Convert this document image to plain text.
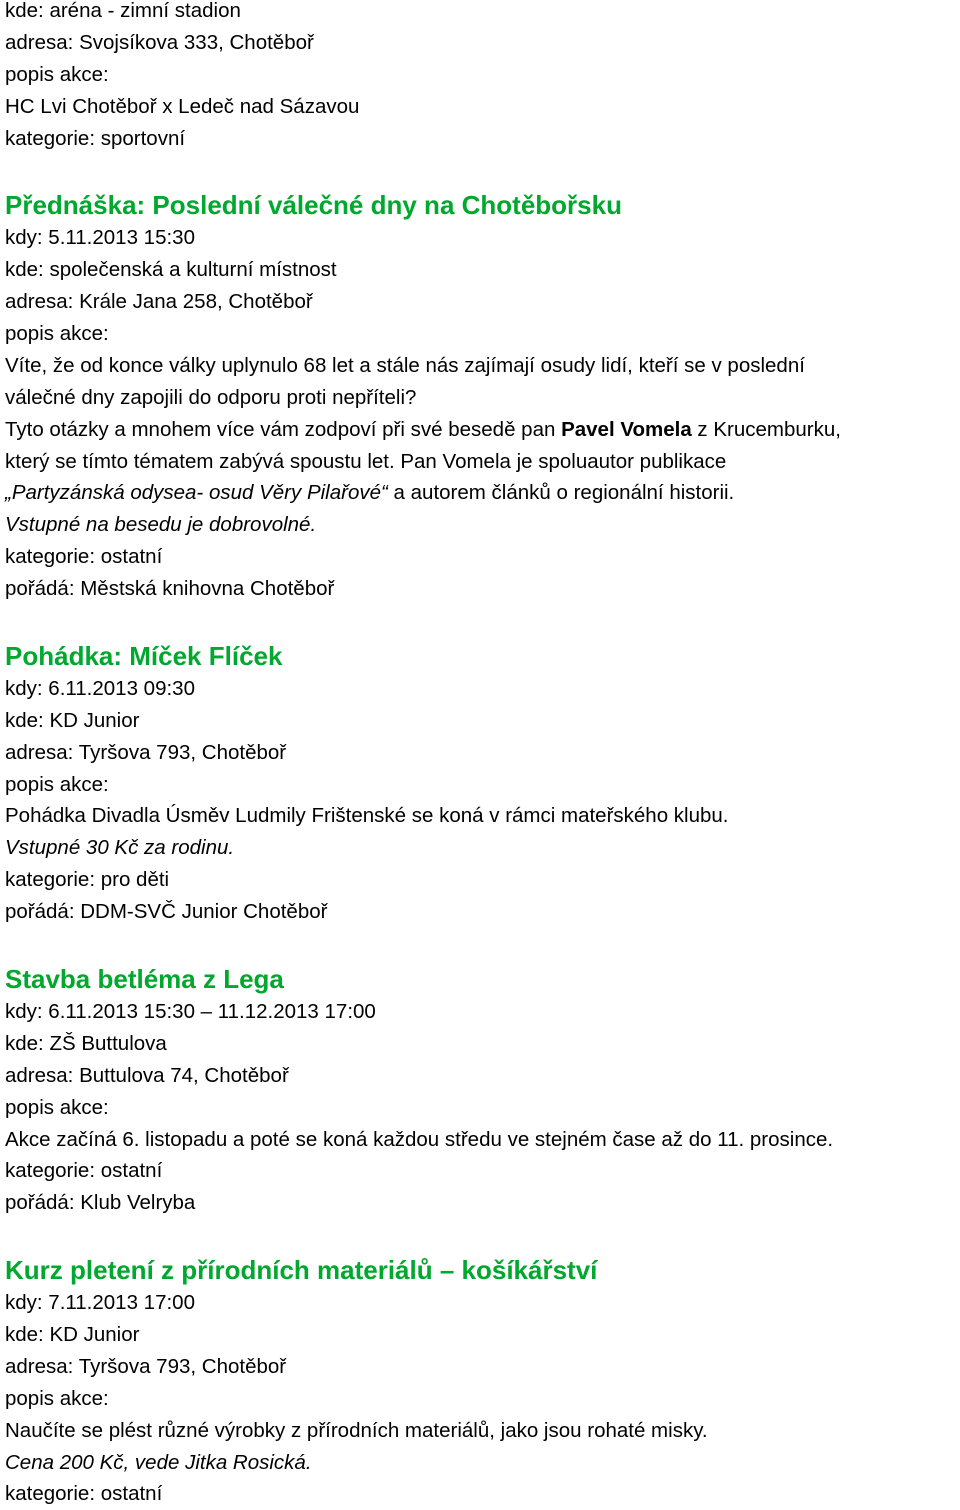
kde: aréna - zimní stadion
adresa: Svojsíkova 333, Chotěboř
popis akce:
HC Lvi Chotěboř x Ledeč nad Sázavou
kategorie: sportovní
Přednáška: Poslední válečné dny na Chotěbořsku
kdy: 5.11.2013 15:30
kde: společenská a kulturní místnost
adresa: Krále Jana 258, Chotěboř
popis akce:
Víte, že od konce války uplynulo 68 let a stále nás zajímají osudy lidí, kteří se v poslední
válečné dny zapojili do odporu proti nepříteli?
Tyto otázky a mnohem více vám zodpoví při své besedě pan Pavel Vomela z Krucemburku,
který se tímto tématem zabývá spoustu let. Pan Vomela je spoluautor publikace
„Partyzánská odysea- osud Věry Pilařové“ a autorem článků o regionální historii.
Vstupné na besedu je dobrovolné.
kategorie: ostatní
pořádá: Městská knihovna Chotěboř
Pohádka: Míček Flíček
kdy: 6.11.2013 09:30
kde: KD Junior
adresa: Tyršova 793, Chotěboř
popis akce:
Pohádka Divadla Úsměv Ludmily Frištenské se koná v rámci mateřského klubu.
Vstupné 30 Kč za rodinu.
kategorie: pro děti
pořádá: DDM-SVČ Junior Chotěboř
Stavba betléma z Lega
kdy: 6.11.2013 15:30 – 11.12.2013 17:00
kde: ZŠ Buttulova
adresa: Buttulova 74, Chotěboř
popis akce:
Akce začíná 6. listopadu a poté se koná každou středu ve stejném čase až do 11. prosince.
kategorie: ostatní
pořádá: Klub Velryba
Kurz pletení z přírodních materiálů – košíkářství
kdy: 7.11.2013 17:00
kde: KD Junior
adresa: Tyršova 793, Chotěboř
popis akce:
Naučíte se plést různé výrobky z přírodních materiálů, jako jsou rohaté misky.
Cena 200 Kč, vede Jitka Rosická.
kategorie: ostatní
